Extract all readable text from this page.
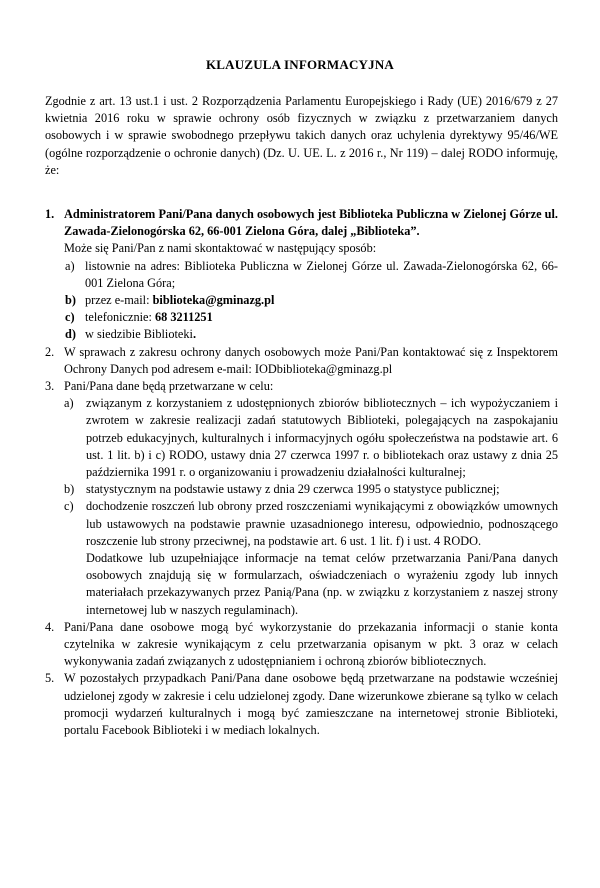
KLAUZULA INFORMACYJNA
Zgodnie z art. 13 ust.1 i ust. 2 Rozporządzenia Parlamentu Europejskiego i Rady (UE) 2016/679 z 27 kwietnia 2016 roku w sprawie ochrony osób fizycznych w związku z przetwarzaniem danych osobowych i w sprawie swobodnego przepływu takich danych oraz uchylenia dyrektywy 95/46/WE (ogólne rozporządzenie o ochronie danych) (Dz. U. UE. L. z 2016 r., Nr 119) – dalej RODO informuję, że:
1. Administratorem Pani/Pana danych osobowych jest Biblioteka Publiczna w Zielonej Górze ul. Zawada-Zielonogórska 62, 66-001 Zielona Góra, dalej „Biblioteka”.
Może się Pani/Pan z nami skontaktować w następujący sposób:
a) listownie na adres: Biblioteka Publiczna w Zielonej Górze ul. Zawada-Zielonogórska 62, 66-001 Zielona Góra;
b) przez e-mail: biblioteka@gminazg.pl
c) telefonicznie: 68 3211251
d) w siedzibie Biblioteki.
2. W sprawach z zakresu ochrony danych osobowych może Pani/Pan kontaktować się z Inspektorem Ochrony Danych pod adresem e-mail: IODbiblioteka@gminazg.pl
3. Pani/Pana dane będą przetwarzane w celu:
a) związanym z korzystaniem z udostępnionych zbiorów bibliotecznych – ich wypożyczaniem i zwrotem w zakresie realizacji zadań statutowych Biblioteki, polegających na zaspokajaniu potrzeb edukacyjnych, kulturalnych i informacyjnych ogółu społeczeństwa na podstawie art. 6 ust. 1 lit. b) i c) RODO, ustawy dnia 27 czerwca 1997 r. o bibliotekach oraz ustawy z dnia 25 października 1991 r. o organizowaniu i prowadzeniu działalności kulturalnej;
b) statystycznym na podstawie ustawy z dnia 29 czerwca 1995 o statystyce publicznej;
c) dochodzenie roszczeń lub obrony przed roszczeniami wynikającymi z obowiązków umownych lub ustawowych na podstawie prawnie uzasadnionego interesu, odpowiednio, podnoszącego roszczenie lub strony przeciwnej, na podstawie art. 6 ust. 1 lit. f) i ust. 4 RODO.
Dodatkowe lub uzupełniające informacje na temat celów przetwarzania Pani/Pana danych osobowych znajdują się w formularzach, oświadczeniach o wyrażeniu zgody lub innych materiałach przekazywanych przez Panią/Pana (np. w związku z korzystaniem z naszej strony internetowej lub w naszych regulaminach).
4. Pani/Pana dane osobowe mogą być wykorzystanie do przekazania informacji o stanie konta czytelnika w zakresie wynikającym z celu przetwarzania opisanym w pkt. 3 oraz w celach wykonywania zadań związanych z udostępnianiem i ochroną zbiorów bibliotecznych.
5. W pozostałych przypadkach Pani/Pana dane osobowe będą przetwarzane na podstawie wcześniej udzielonej zgody w zakresie i celu udzielonej zgody. Dane wizerunkowe zbierane są tylko w celach promocji wydarzeń kulturalnych i mogą być zamieszczane na internetowej stronie Biblioteki, portalu Facebook Biblioteki i w mediach lokalnych.
